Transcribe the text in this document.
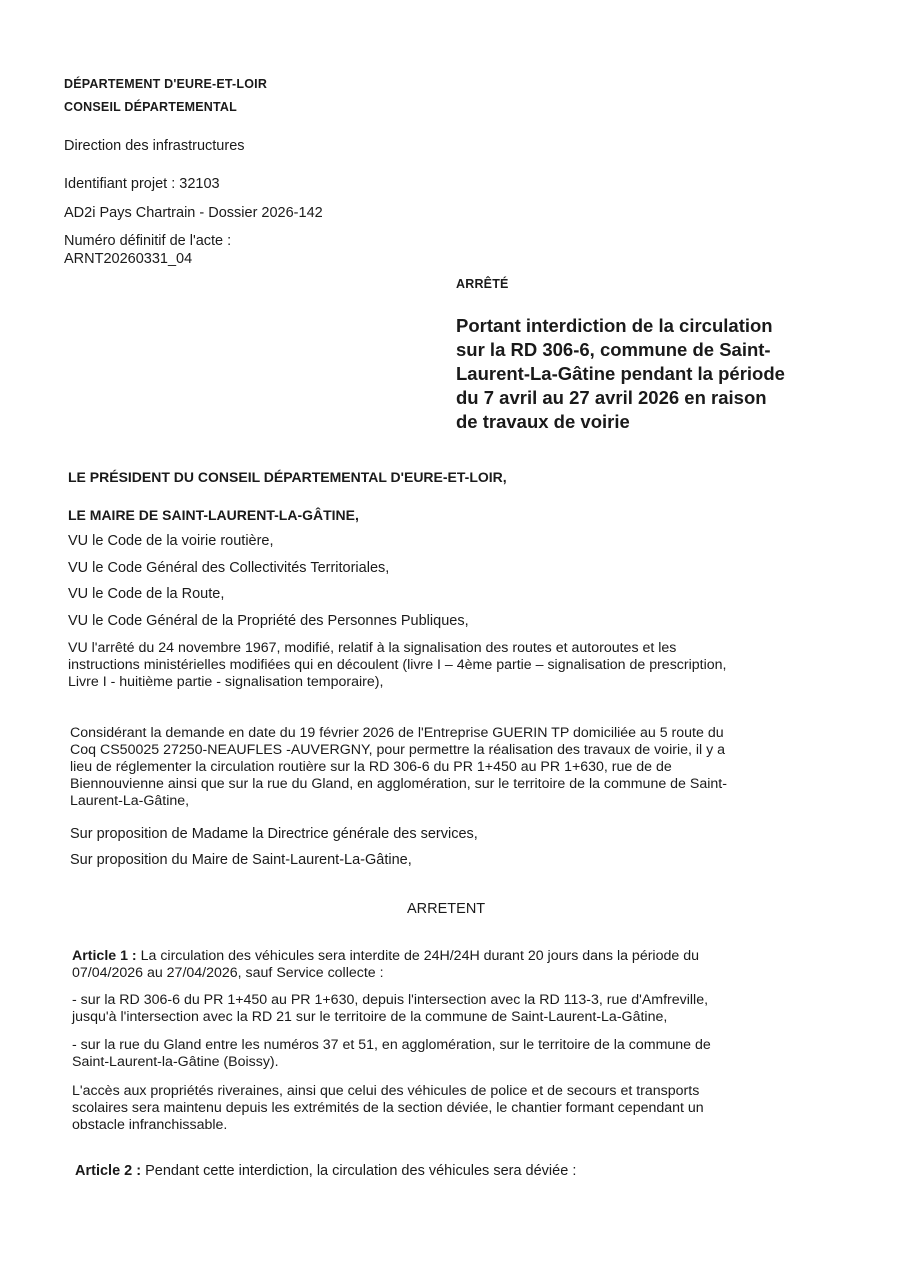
DÉPARTEMENT D'EURE-ET-LOIR
CONSEIL DÉPARTEMENTAL
Direction des infrastructures
Identifiant projet : 32103
AD2i Pays Chartrain - Dossier 2026-142
Numéro définitif de l'acte :
ARNT20260331_04
ARRÊTÉ
Portant interdiction de la circulation
sur la RD 306-6, commune de Saint-
Laurent-La-Gâtine pendant la période
du 7 avril au 27 avril 2026 en raison
de travaux de voirie
LE PRÉSIDENT DU CONSEIL DÉPARTEMENTAL D'EURE-ET-LOIR,
LE MAIRE DE SAINT-LAURENT-LA-GÂTINE,
VU le Code de la voirie routière,
VU le Code Général des Collectivités Territoriales,
VU le Code de la Route,
VU le Code Général de la Propriété des Personnes Publiques,
VU l'arrêté du 24 novembre 1967, modifié, relatif à la signalisation des routes et autoroutes et les
instructions ministérielles modifiées qui en découlent (livre I – 4ème partie – signalisation de prescription,
Livre I - huitième partie - signalisation temporaire),
Considérant la demande en date du 19 février 2026 de l'Entreprise GUERIN TP domiciliée au 5 route du
Coq CS50025 27250-NEAUFLES -AUVERGNY, pour permettre la réalisation des travaux de voirie, il y a
lieu de réglementer la circulation routière sur la RD 306-6 du PR 1+450 au PR 1+630, rue de de
Biennouvienne ainsi que sur la rue du Gland, en agglomération, sur le territoire de la commune de Saint-
Laurent-La-Gâtine,
Sur proposition de Madame la Directrice générale des services,
Sur proposition du Maire de Saint-Laurent-La-Gâtine,
ARRETENT
Article 1 : La circulation des véhicules sera interdite de 24H/24H durant 20 jours dans la période du
07/04/2026 au 27/04/2026, sauf Service collecte :
- sur la RD 306-6 du PR 1+450 au PR 1+630, depuis l'intersection avec la RD 113-3, rue d'Amfreville,
jusqu'à l'intersection avec la RD 21 sur le territoire de la commune de Saint-Laurent-La-Gâtine,
- sur la rue du Gland entre les numéros 37 et 51, en agglomération, sur le territoire de la commune de
Saint-Laurent-la-Gâtine (Boissy).
L'accès aux propriétés riveraines, ainsi que celui des véhicules de police et de secours et transports
scolaires sera maintenu depuis les extrémités de la section déviée, le chantier formant cependant un
obstacle infranchissable.
Article 2 : Pendant cette interdiction, la circulation des véhicules sera déviée :
